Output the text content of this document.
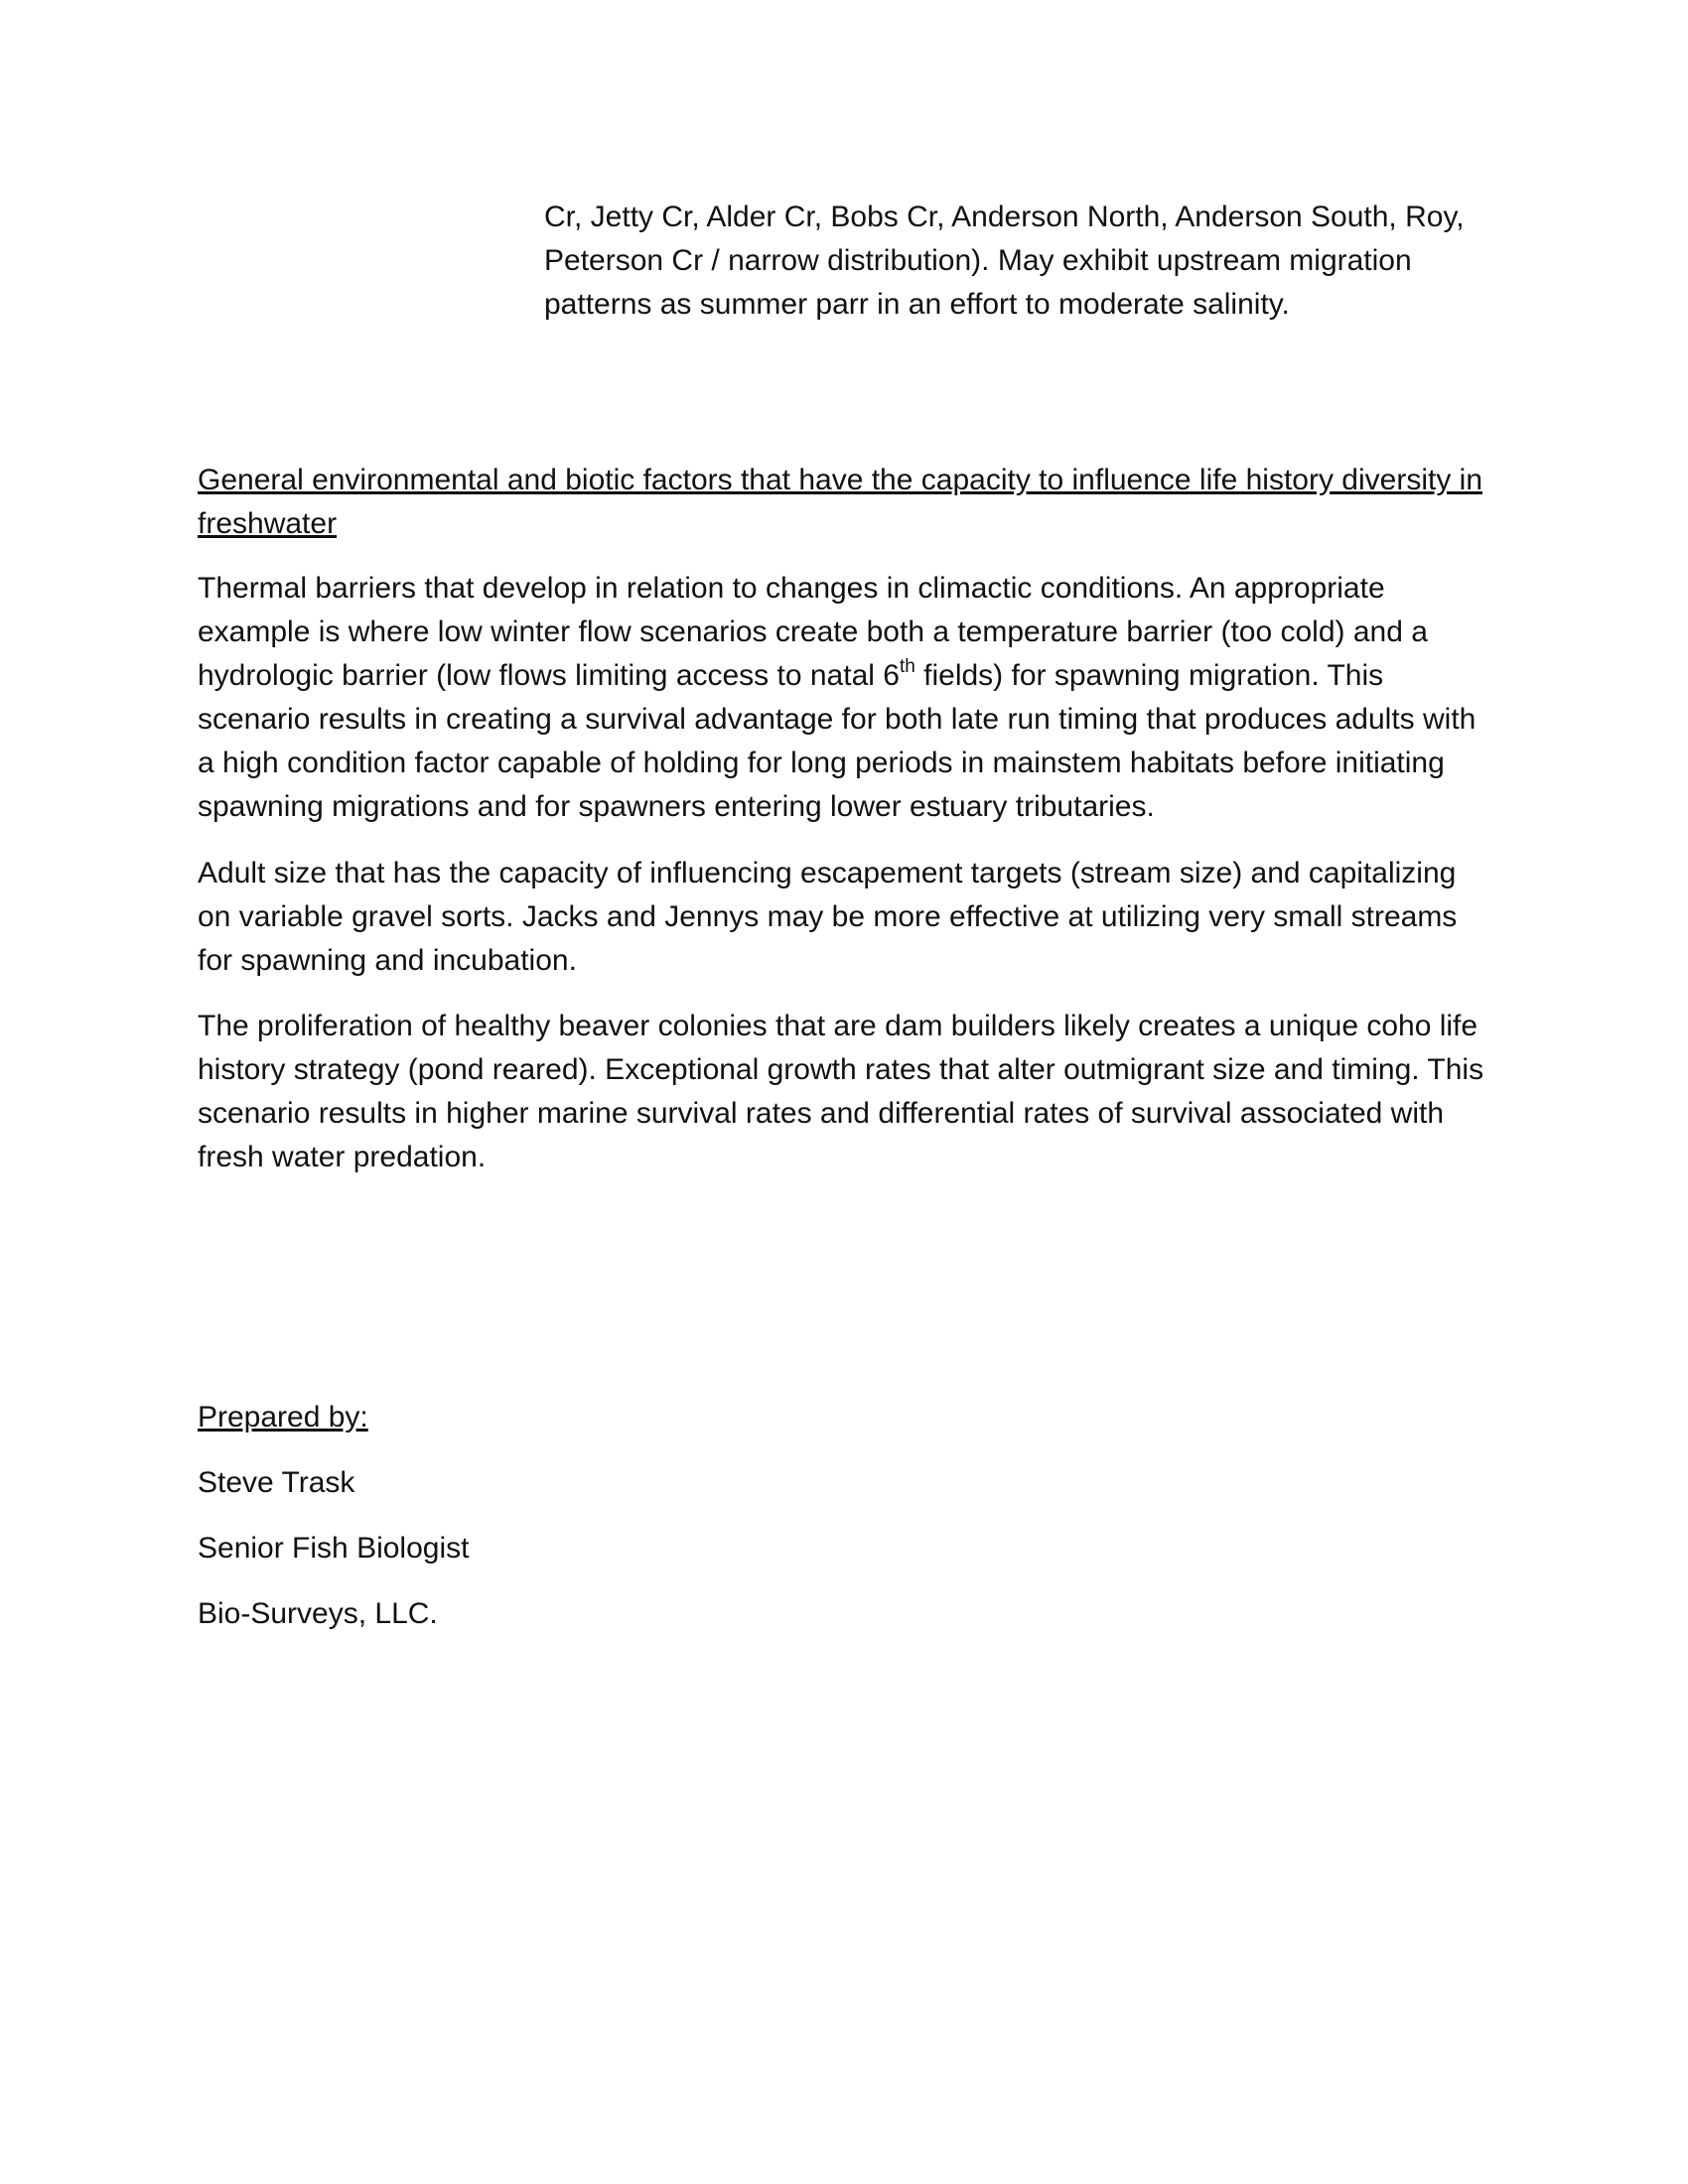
Cr, Jetty Cr, Alder Cr, Bobs Cr, Anderson North, Anderson South, Roy, Peterson Cr / narrow distribution). May exhibit upstream migration patterns as summer parr in an effort to moderate salinity.

General environmental and biotic factors that have the capacity to influence life history diversity in freshwater

Thermal barriers that develop in relation to changes in climactic conditions. An appropriate example is where low winter flow scenarios create both a temperature barrier (too cold) and a hydrologic barrier (low flows limiting access to natal 6th fields) for spawning migration. This scenario results in creating a survival advantage for both late run timing that produces adults with a high condition factor capable of holding for long periods in mainstem habitats before initiating spawning migrations and for spawners entering lower estuary tributaries.

Adult size that has the capacity of influencing escapement targets (stream size) and capitalizing on variable gravel sorts. Jacks and Jennys may be more effective at utilizing very small streams for spawning and incubation.

The proliferation of healthy beaver colonies that are dam builders likely creates a unique coho life history strategy (pond reared). Exceptional growth rates that alter outmigrant size and timing. This scenario results in higher marine survival rates and differential rates of survival associated with fresh water predation.

Prepared by:

Steve Trask

Senior Fish Biologist

Bio-Surveys, LLC.
